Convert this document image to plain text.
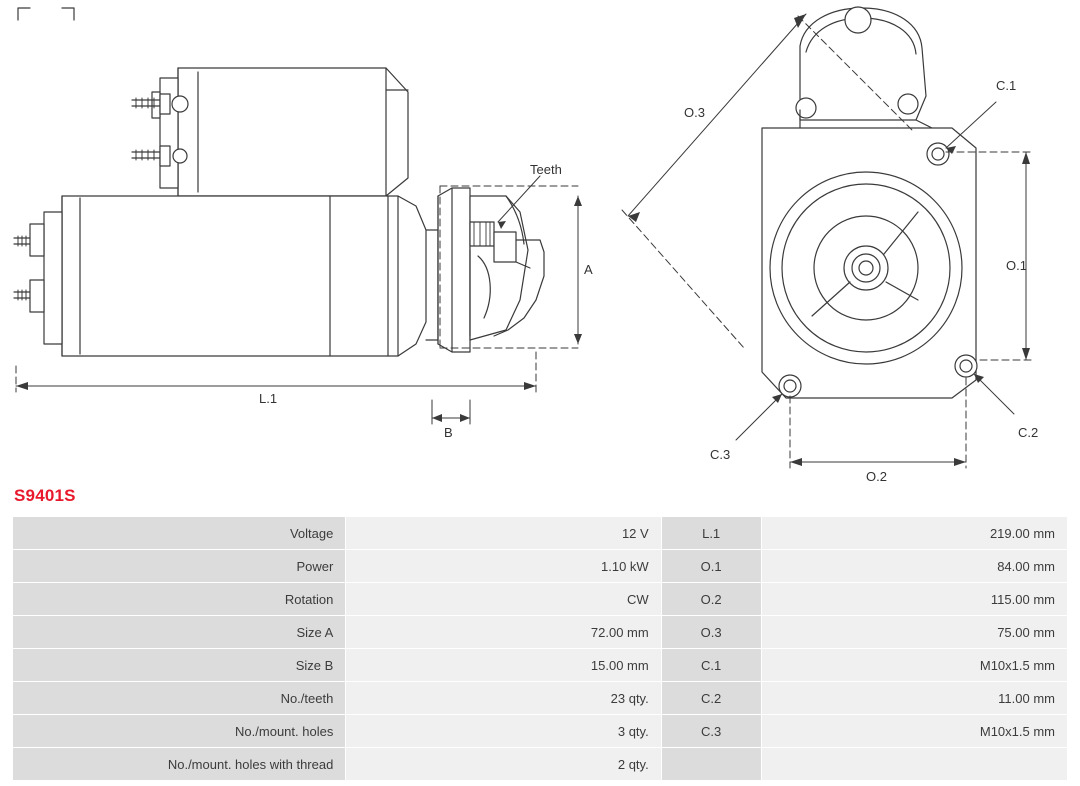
Teeth
L.1
A
B
O.3
O.1
O.2
C.1
C.2
C.3
S9401S
Voltage	12 V	L.1	219.00 mm
Power	1.10 kW	O.1	84.00 mm
Rotation	CW	O.2	115.00 mm
Size A	72.00 mm	O.3	75.00 mm
Size B	15.00 mm	C.1	M10x1.5 mm
No./teeth	23 qty.	C.2	11.00 mm
No./mount. holes	3 qty.	C.3	M10x1.5 mm
No./mount. holes with thread	2 qty.		
